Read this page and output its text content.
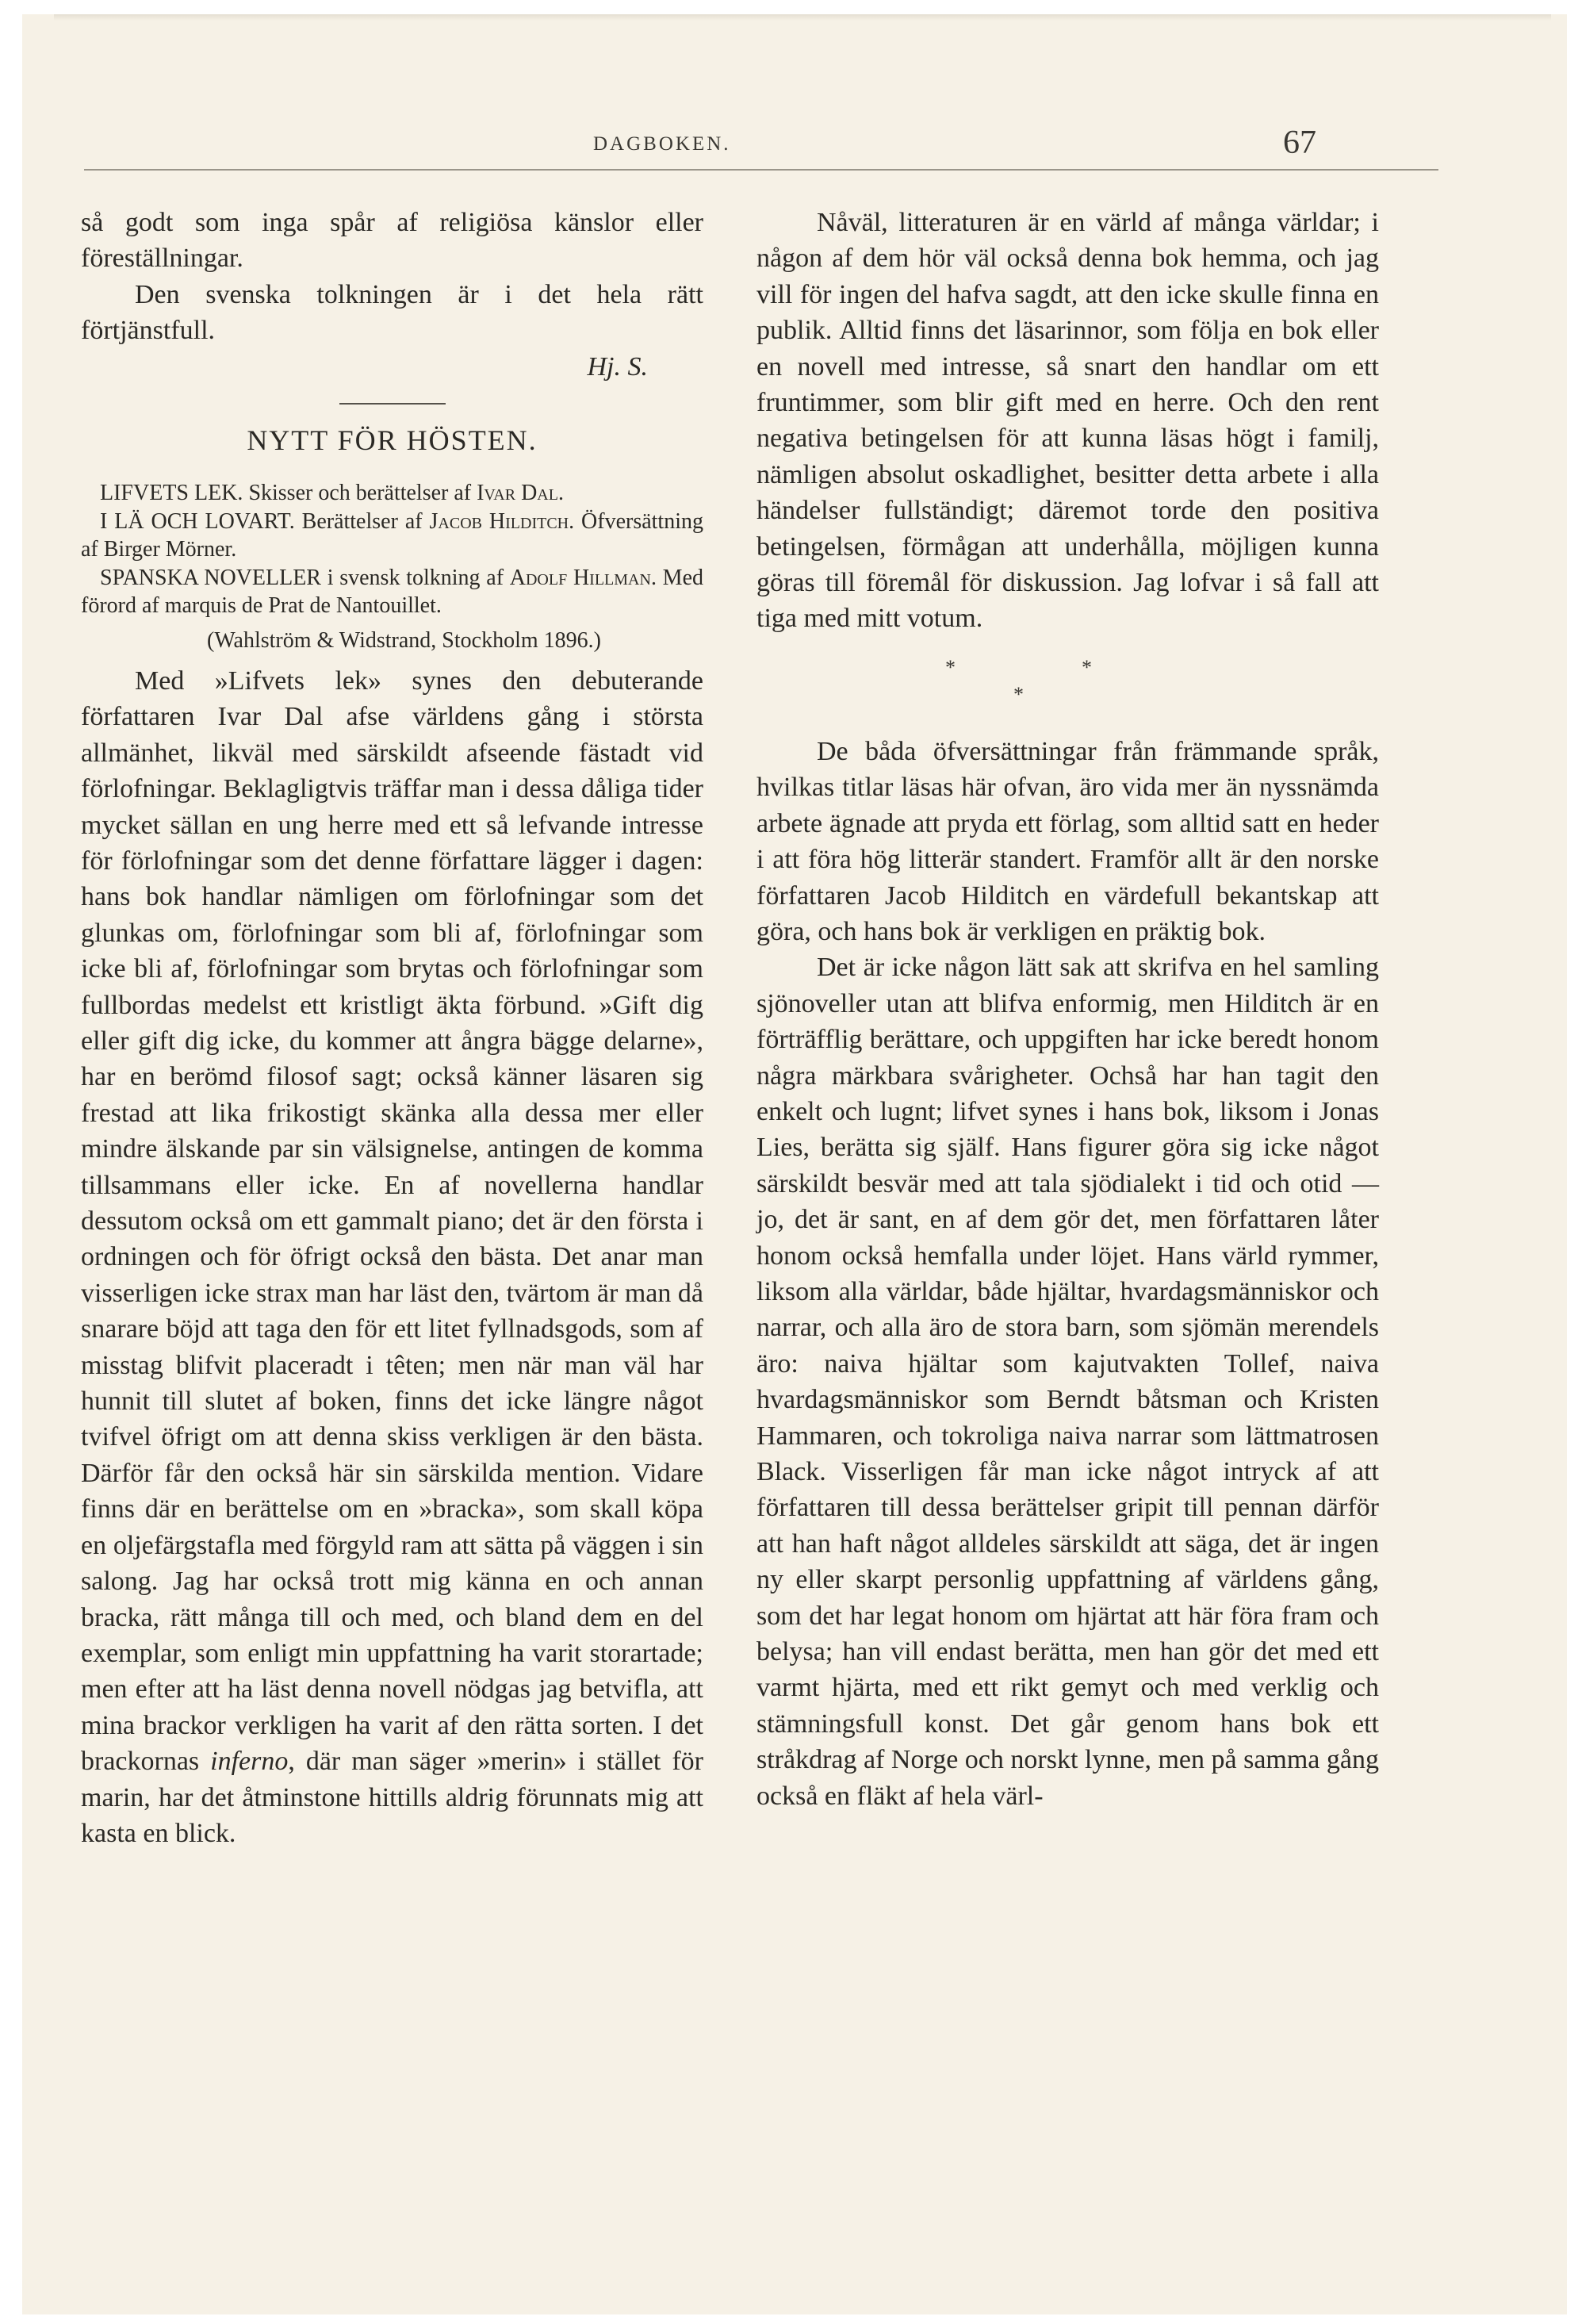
DAGBOKEN.	67

så godt som inga spår af religiösa känslor eller föreställningar.

Den svenska tolkningen är i det hela rätt förtjänstfull.
Hj. S.
NYTT FÖR HÖSTEN.

LIFVETS LEK. Skisser och berättelser af Ivar Dal.

I LÄ OCH LOVART. Berättelser af Jacob Hilditch. Öfversättning af Birger Mörner.

SPANSKA NOVELLER i svensk tolkning af Adolf Hillman. Med förord af marquis de Prat de Nantouillet.

(Wahlström & Widstrand, Stockholm 1896.)

Med »Lifvets lek» synes den debuterande författaren Ivar Dal afse världens gång i största allmänhet, likväl med särskildt afseende fästadt vid förlofningar. Beklagligtvis träffar man i dessa dåliga tider mycket sällan en ung herre med ett så lefvande intresse för förlofningar som det denne författare lägger i dagen: hans bok handlar nämligen om förlofningar som det glunkas om, förlofningar som bli af, förlofningar som icke bli af, förlofningar som brytas och förlofningar som fullbordas medelst ett kristligt äkta förbund. »Gift dig eller gift dig icke, du kommer att ångra bägge delarne», har en berömd filosof sagt; också känner läsaren sig frestad att lika frikostigt skänka alla dessa mer eller mindre älskande par sin välsignelse, antingen de komma tillsammans eller icke. En af novellerna handlar dessutom också om ett gammalt piano; det är den första i ordningen och för öfrigt också den bästa. Det anar man visserligen icke strax man har läst den, tvärtom är man då snarare böjd att taga den för ett litet fyllnadsgods, som af misstag blifvit placeradt i têten; men när man väl har hunnit till slutet af boken, finns det icke längre något tvifvel öfrigt om att denna skiss verkligen är den bästa. Därför får den också här sin särskilda mention. Vidare finns där en berättelse om en »bracka», som skall köpa en oljefärgstafla med förgyld ram att sätta på väggen i sin salong. Jag har också trott mig känna en och annan bracka, rätt många till och med, och bland dem en del exemplar, som enligt min uppfattning ha varit storartade; men efter att ha läst denna novell nödgas jag betvifla, att mina brackor verkligen ha varit af den rätta sorten. I det brackornas inferno, där man säger »merin» i stället för marin, har det åtminstone hittills aldrig förunnats mig att kasta en blick.

Nåväl, litteraturen är en värld af många världar; i någon af dem hör väl också denna bok hemma, och jag vill för ingen del hafva sagdt, att den icke skulle finna en publik. Alltid finns det läsarinnor, som följa en bok eller en novell med intresse, så snart den handlar om ett fruntimmer, som blir gift med en herre. Och den rent negativa betingelsen för att kunna läsas högt i familj, nämligen absolut oskadlighet, besitter detta arbete i alla händelser fullständigt; däremot torde den positiva betingelsen, förmågan att underhålla, möjligen kunna göras till föremål för diskussion. Jag lofvar i så fall att tiga med mitt votum.

*	*
*

De båda öfversättningar från främmande språk, hvilkas titlar läsas här ofvan, äro vida mer än nyssnämda arbete ägnade att pryda ett förlag, som alltid satt en heder i att föra hög litterär standert. Framför allt är den norske författaren Jacob Hilditch en värdefull bekantskap att göra, och hans bok är verkligen en präktig bok.

Det är icke någon lätt sak att skrifva en hel samling sjönoveller utan att blifva enformig, men Hilditch är en förträfflig berättare, och uppgiften har icke beredt honom några märkbara svårigheter. Ochså har han tagit den enkelt och lugnt; lifvet synes i hans bok, liksom i Jonas Lies, berätta sig själf. Hans figurer göra sig icke något särskildt besvär med att tala sjödialekt i tid och otid — jo, det är sant, en af dem gör det, men författaren låter honom också hemfalla under löjet. Hans värld rymmer, liksom alla världar, både hjältar, hvardagsmänniskor och narrar, och alla äro de stora barn, som sjömän merendels äro: naiva hjältar som kajutvakten Tollef, naiva hvardagsmänniskor som Berndt båtsman och Kristen Hammaren, och tokroliga naiva narrar som lättmatrosen Black. Visserligen får man icke något intryck af att författaren till dessa berättelser gripit till pennan därför att han haft något alldeles särskildt att säga, det är ingen ny eller skarpt personlig uppfattning af världens gång, som det har legat honom om hjärtat att här föra fram och belysa; han vill endast berätta, men han gör det med ett varmt hjärta, med ett rikt gemyt och med verklig och stämningsfull konst. Det går genom hans bok ett stråkdrag af Norge och norskt lynne, men på samma gång också en fläkt af hela värl-
